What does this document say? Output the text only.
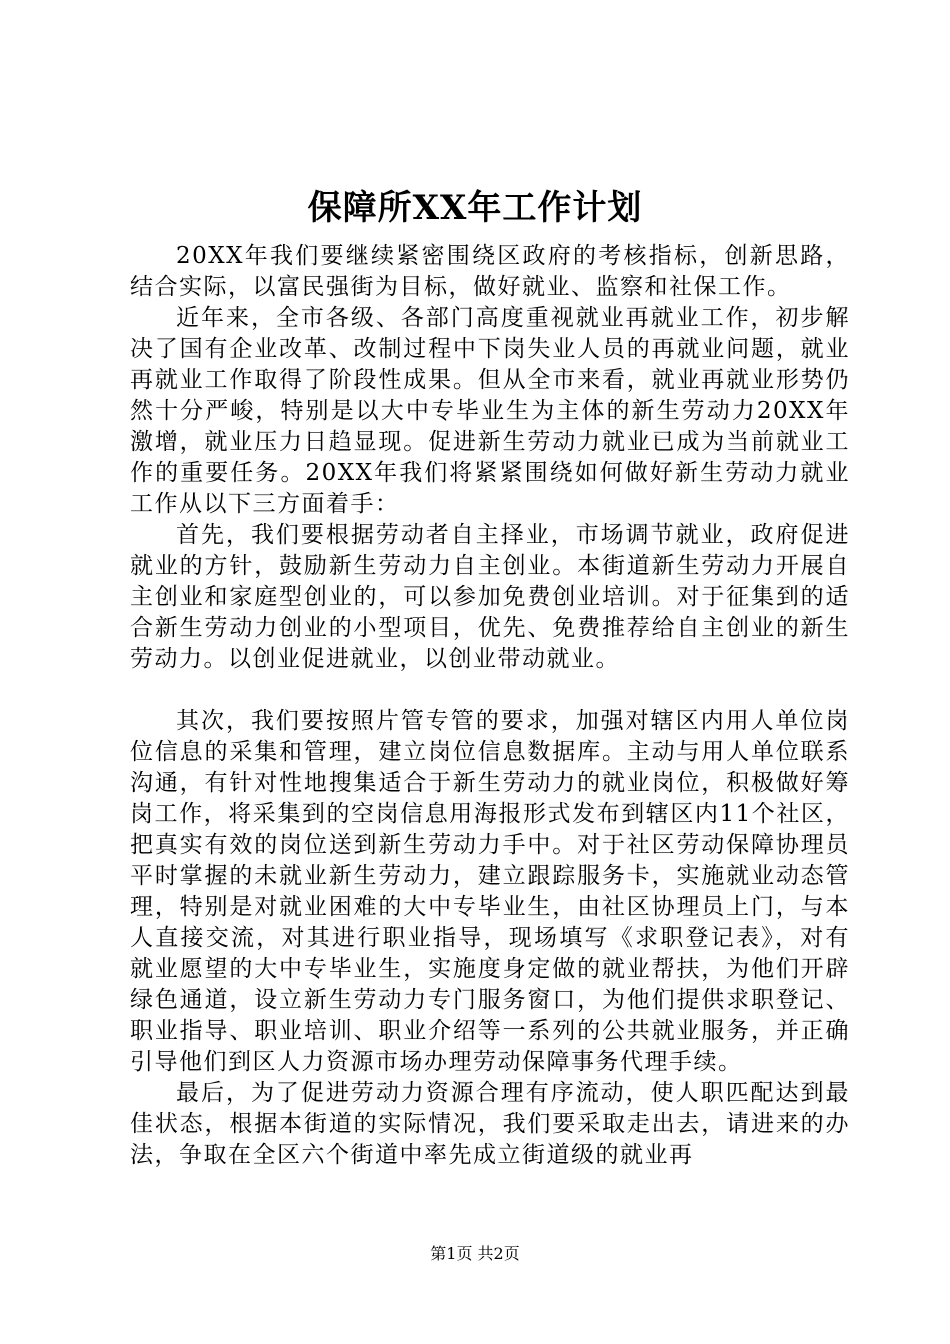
保障所XX年工作计划

20XX年我们要继续紧密围绕区政府的考核指标，创新思路，结合实际，以富民强街为目标，做好就业、监察和社保工作。

近年来，全市各级、各部门高度重视就业再就业工作，初步解决了国有企业改革、改制过程中下岗失业人员的再就业问题，就业再就业工作取得了阶段性成果。但从全市来看，就业再就业形势仍然十分严峻，特别是以大中专毕业生为主体的新生劳动力20XX年激增，就业压力日趋显现。促进新生劳动力就业已成为当前就业工作的重要任务。20XX年我们将紧紧围绕如何做好新生劳动力就业工作从以下三方面着手：

首先，我们要根据劳动者自主择业，市场调节就业，政府促进就业的方针，鼓励新生劳动力自主创业。本街道新生劳动力开展自主创业和家庭型创业的，可以参加免费创业培训。对于征集到的适合新生劳动力创业的小型项目，优先、免费推荐给自主创业的新生劳动力。以创业促进就业，以创业带动就业。

其次，我们要按照片管专管的要求，加强对辖区内用人单位岗位信息的采集和管理，建立岗位信息数据库。主动与用人单位联系沟通，有针对性地搜集适合于新生劳动力的就业岗位，积极做好筹岗工作，将采集到的空岗信息用海报形式发布到辖区内11个社区，把真实有效的岗位送到新生劳动力手中。对于社区劳动保障协理员平时掌握的未就业新生劳动力，建立跟踪服务卡，实施就业动态管理，特别是对就业困难的大中专毕业生，由社区协理员上门，与本人直接交流，对其进行职业指导，现场填写《求职登记表》，对有就业愿望的大中专毕业生，实施度身定做的就业帮扶，为他们开辟绿色通道，设立新生劳动力专门服务窗口，为他们提供求职登记、职业指导、职业培训、职业介绍等一系列的公共就业服务，并正确引导他们到区人力资源市场办理劳动保障事务代理手续。

最后，为了促进劳动力资源合理有序流动，使人职匹配达到最佳状态，根据本街道的实际情况，我们要采取走出去，请进来的办法，争取在全区六个街道中率先成立街道级的就业再

第1页 共2页
